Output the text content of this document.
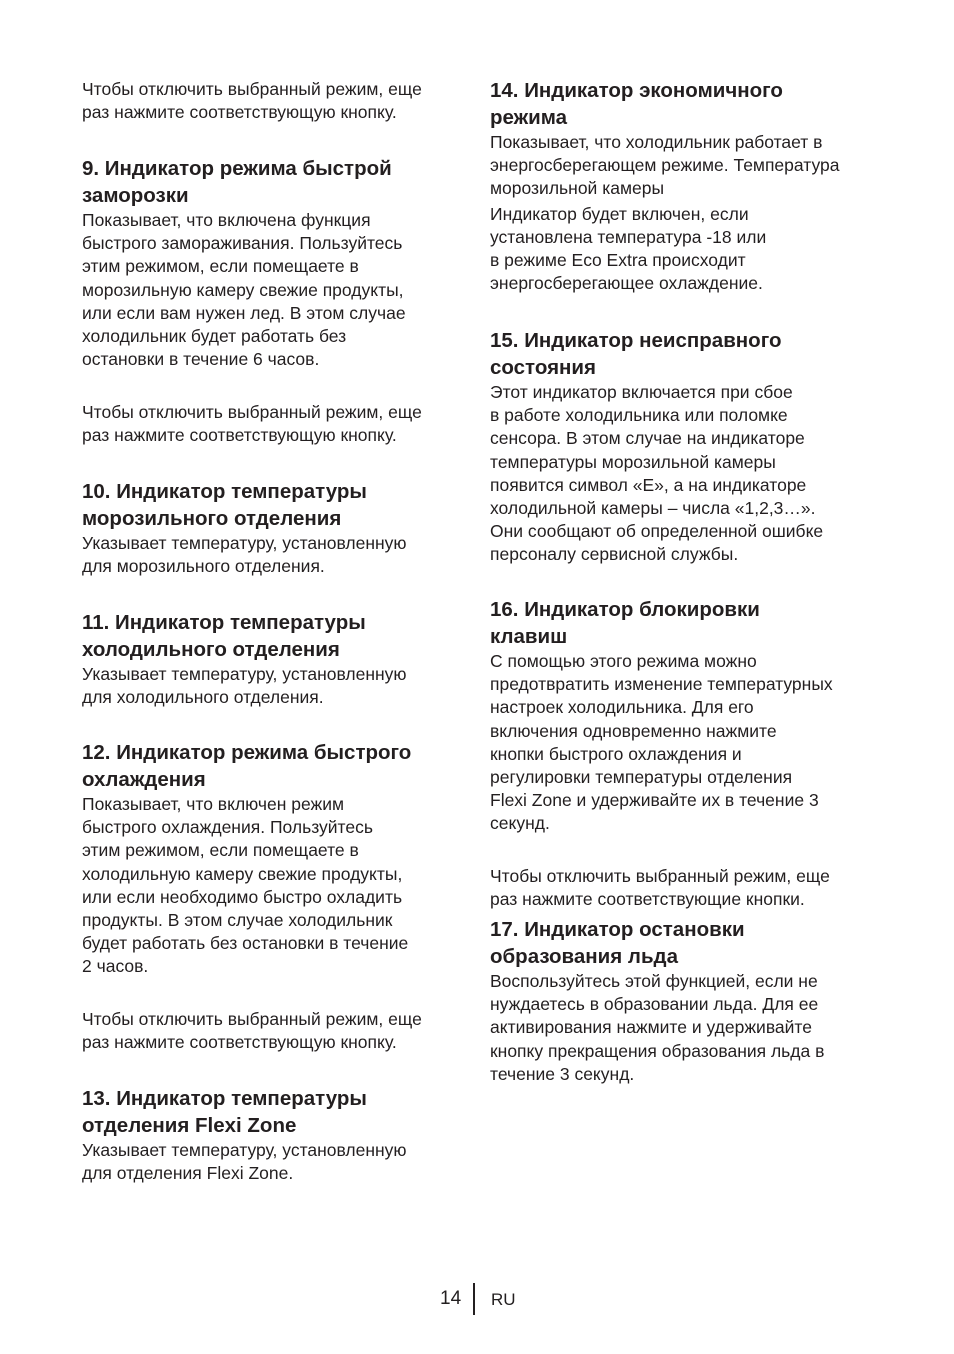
Чтобы отключить выбранный режим, еще
раз нажмите соответствующую кнопку.

9. Индикатор режима быстрой
заморозки

Показывает, что включена функция
быстрого замораживания. Пользуйтесь
этим режимом, если помещаете в
морозильную камеру свежие продукты,
или если вам нужен лед. В этом случае
холодильник будет работать без
остановки в течение 6 часов.

Чтобы отключить выбранный режим, еще
раз нажмите соответствующую кнопку.

10. Индикатор температуры
морозильного отделения

Указывает температуру, установленную
для морозильного отделения.

11. Индикатор температуры
холодильного отделения

Указывает температуру, установленную
для холодильного отделения.

12. Индикатор режима быстрого
охлаждения

Показывает, что включен режим
быстрого охлаждения. Пользуйтесь
этим режимом, если помещаете в
холодильную камеру свежие продукты,
или если необходимо быстро охладить
продукты. В этом случае холодильник
будет работать без остановки в течение
2 часов.

Чтобы отключить выбранный режим, еще
раз нажмите соответствующую кнопку.

13. Индикатор температуры
отделения Flexi Zone

Указывает температуру, установленную
для отделения Flexi Zone.

14. Индикатор экономичного
режима

Показывает, что холодильник работает в
энергосберегающем режиме. Температура
морозильной камеры

Индикатор будет включен, если
установлена температура -18 или
в режиме Eco Extra происходит
энергосберегающее охлаждение.

15. Индикатор неисправного
состояния

Этот индикатор включается при сбое
в работе холодильника или поломке
сенсора. В этом случае на индикаторе
температуры морозильной камеры
появится символ «E», а на индикаторе
холодильной камеры – числа «1,2,3…».
Они сообщают об определенной ошибке
персоналу сервисной службы.

16. Индикатор блокировки
клавиш

С помощью этого режима можно
предотвратить изменение температурных
настроек холодильника. Для его
включения одновременно нажмите
кнопки быстрого охлаждения и
регулировки температуры отделения
Flexi Zone и удерживайте их в течение 3
секунд.

Чтобы отключить выбранный режим, еще
раз нажмите соответствующие кнопки.

17. Индикатор остановки
образования льда

Воспользуйтесь этой функцией, если не
нуждаетесь в образовании льда. Для ее
активирования нажмите и удерживайте
кнопку прекращения образования льда в
течение 3 секунд.

14 RU
